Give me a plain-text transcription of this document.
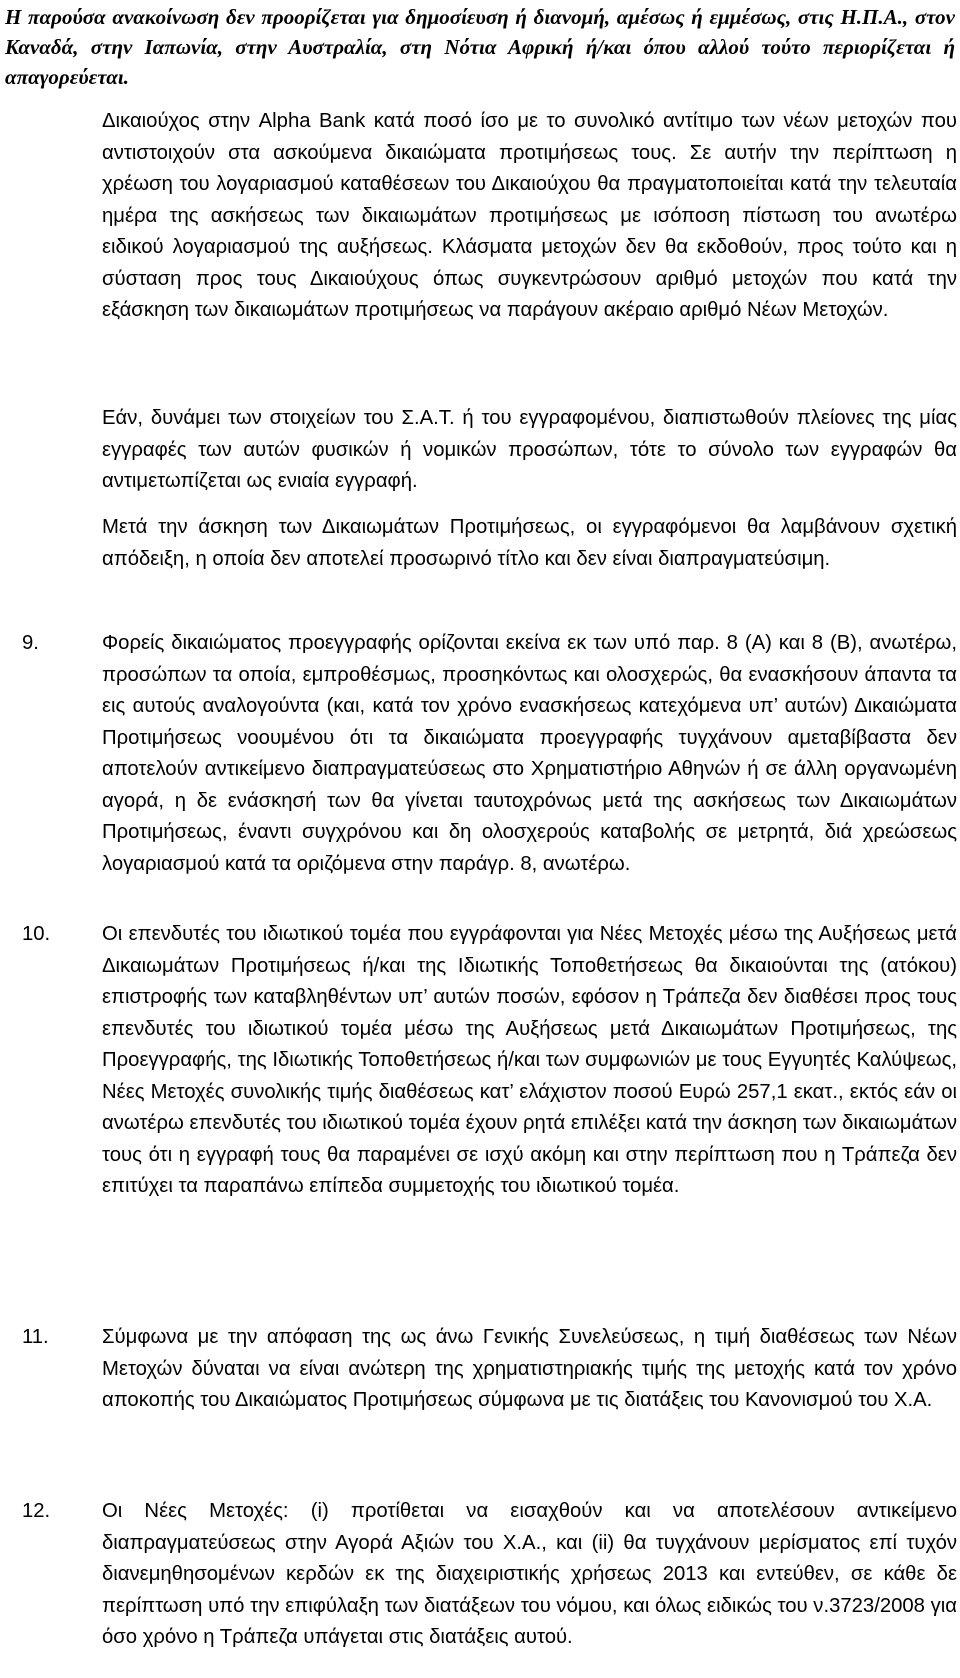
Η παρούσα ανακοίνωση δεν προορίζεται για δημοσίευση ή διανομή, αμέσως ή εμμέσως, στις Η.Π.Α., στον Καναδά, στην Ιαπωνία, στην Αυστραλία, στη Νότια Αφρική ή/και όπου αλλού τούτο περιορίζεται ή απαγορεύεται.
Δικαιούχος στην Alpha Bank κατά ποσό ίσο με το συνολικό αντίτιμο των νέων μετοχών που αντιστοιχούν στα ασκούμενα δικαιώματα προτιμήσεως τους. Σε αυτήν την περίπτωση η χρέωση του λογαριασμού καταθέσεων του Δικαιούχου θα πραγματοποιείται κατά την τελευταία ημέρα της ασκήσεως των δικαιωμάτων προτιμήσεως με ισόποση πίστωση του ανωτέρω ειδικού λογαριασμού της αυξήσεως. Κλάσματα μετοχών δεν θα εκδοθούν, προς τούτο και η σύσταση προς τους Δικαιούχους όπως συγκεντρώσουν αριθμό μετοχών που κατά την εξάσκηση των δικαιωμάτων προτιμήσεως να παράγουν ακέραιο αριθμό Νέων Μετοχών.
Εάν, δυνάμει των στοιχείων του Σ.Α.Τ. ή του εγγραφομένου, διαπιστωθούν πλείονες της μίας εγγραφές των αυτών φυσικών ή νομικών προσώπων, τότε το σύνολο των εγγραφών θα αντιμετωπίζεται ως ενιαία εγγραφή.
Μετά την άσκηση των Δικαιωμάτων Προτιμήσεως, οι εγγραφόμενοι θα λαμβάνουν σχετική απόδειξη, η οποία δεν αποτελεί προσωρινό τίτλο και δεν είναι διαπραγματεύσιμη.
9.	Φορείς δικαιώματος προεγγραφής ορίζονται εκείνα εκ των υπό παρ. 8 (Α) και 8 (Β), ανωτέρω, προσώπων τα οποία, εμπροθέσμως, προσηκόντως και ολοσχερώς, θα ενασκήσουν άπαντα τα εις αυτούς αναλογούντα (και, κατά τον χρόνο ενασκήσεως κατεχόμενα υπ’ αυτών) Δικαιώματα Προτιμήσεως νοουμένου ότι τα δικαιώματα προεγγραφής τυγχάνουν αμεταβίβαστα δεν αποτελούν αντικείμενο διαπραγματεύσεως στο Χρηματιστήριο Αθηνών ή σε άλλη οργανωμένη αγορά, η δε ενάσκησή των θα γίνεται ταυτοχρόνως μετά της ασκήσεως των Δικαιωμάτων Προτιμήσεως, έναντι συγχρόνου και δη ολοσχερούς καταβολής σε μετρητά, διά χρεώσεως λογαριασμού κατά τα οριζόμενα στην παράγρ. 8, ανωτέρω.
10.	Οι επενδυτές του ιδιωτικού τομέα που εγγράφονται για Νέες Μετοχές μέσω της Αυξήσεως μετά Δικαιωμάτων Προτιμήσεως ή/και της Ιδιωτικής Τοποθετήσεως θα δικαιούνται της (ατόκου) επιστροφής των καταβληθέντων υπ’ αυτών ποσών, εφόσον η Τράπεζα δεν διαθέσει προς τους επενδυτές του ιδιωτικού τομέα μέσω της Αυξήσεως μετά Δικαιωμάτων Προτιμήσεως, της Προεγγραφής, της Ιδιωτικής Τοποθετήσεως ή/και των συμφωνιών με τους Εγγυητές Καλύψεως, Νέες Μετοχές συνολικής τιμής διαθέσεως κατ’ ελάχιστον ποσού Ευρώ 257,1 εκατ., εκτός εάν οι ανωτέρω επενδυτές του ιδιωτικού τομέα έχουν ρητά επιλέξει κατά την άσκηση των δικαιωμάτων τους ότι η εγγραφή τους θα παραμένει σε ισχύ ακόμη και στην περίπτωση που η Τράπεζα δεν επιτύχει τα παραπάνω επίπεδα συμμετοχής του ιδιωτικού τομέα.
11.	Σύμφωνα με την απόφαση της ως άνω Γενικής Συνελεύσεως, η τιμή διαθέσεως των Νέων Μετοχών δύναται να είναι ανώτερη της χρηματιστηριακής τιμής της μετοχής κατά τον χρόνο αποκοπής του Δικαιώματος Προτιμήσεως σύμφωνα με τις διατάξεις του Κανονισμού του Χ.Α.
12.	Οι Νέες Μετοχές: (i) προτίθεται να εισαχθούν και να αποτελέσουν αντικείμενο διαπραγματεύσεως στην Αγορά Αξιών του Χ.Α., και (ii) θα τυγχάνουν μερίσματος επί τυχόν διανεμηθησομένων κερδών εκ της διαχειριστικής χρήσεως 2013 και εντεύθεν, σε κάθε δε περίπτωση υπό την επιφύλαξη των διατάξεων του νόμου, και όλως ειδικώς του ν.3723/2008 για όσο χρόνο η Τράπεζα υπάγεται στις διατάξεις αυτού.
